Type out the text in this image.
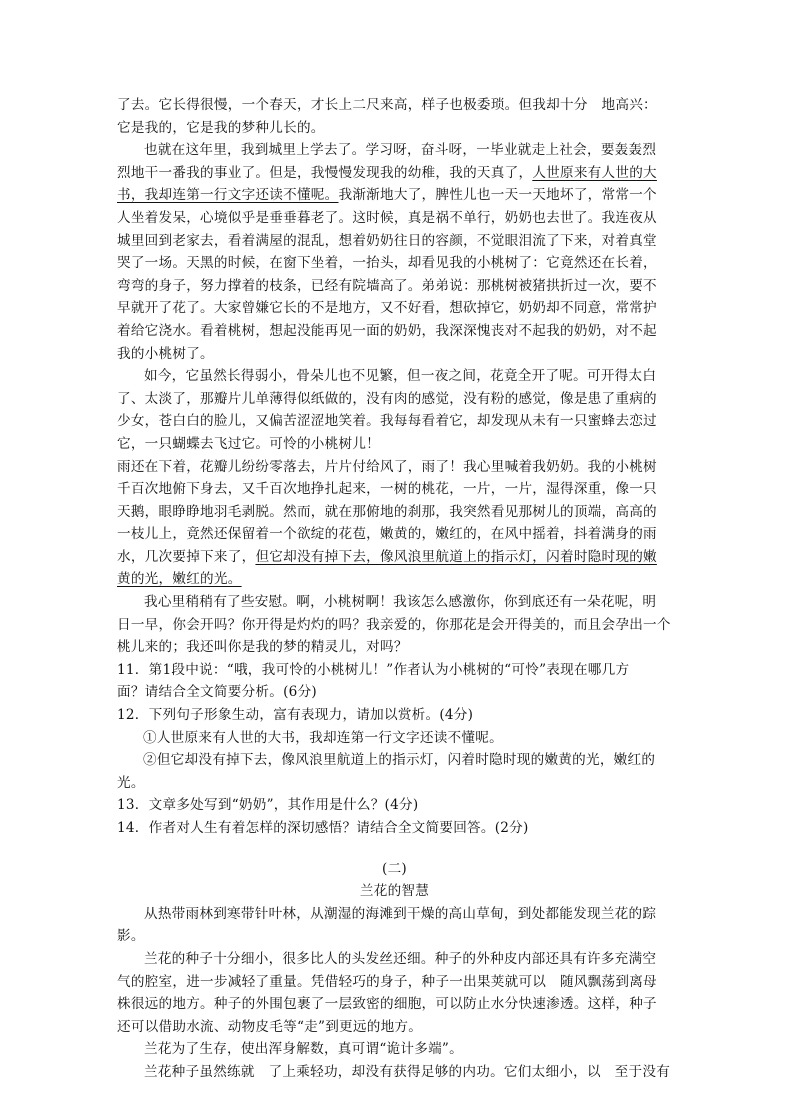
了去。它长得很慢，一个春天，才长上二尺来高，样子也极委琐。但我却十分　地高兴：
它是我的，它是我的梦种儿长的。
也就在这年里，我到城里上学去了。学习呀，奋斗呀，一毕业就走上社会，要轰轰烈
烈地干一番我的事业了。但是，我慢慢发现我的幼稚，我的天真了，人世原来有人世的大
书，我却连第一行文字还读不懂呢。我渐渐地大了，脾性儿也一天一天地坏了，常常一个
人坐着发呆，心境似乎是垂垂暮老了。这时候，真是祸不单行，奶奶也去世了。我连夜从
城里回到老家去，看着满屋的混乱，想着奶奶往日的容颜，不觉眼泪流了下来，对着真堂
哭了一场。天黑的时候，在窗下坐着，一抬头，却看见我的小桃树了：它竟然还在长着，
弯弯的身子，努力撑着的枝条，已经有院墙高了。弟弟说：那桃树被猪拱折过一次，要不
早就开了花了。大家曾嫌它长的不是地方，又不好看，想砍掉它，奶奶却不同意，常常护
着给它浇水。看着桃树，想起没能再见一面的奶奶，我深深愧丧对不起我的奶奶，对不起
我的小桃树了。
如今，它虽然长得弱小，骨朵儿也不见繁，但一夜之间，花竟全开了呢。可开得太白
了、太淡了，那瓣片儿单薄得似纸做的，没有肉的感觉，没有粉的感觉，像是患了重病的
少女，苍白白的脸儿，又偏苦涩涩地笑着。我每每看着它，却发现从未有一只蜜蜂去恋过
它，一只蝴蝶去飞过它。可怜的小桃树儿！
雨还在下着，花瓣儿纷纷零落去，片片付给风了，雨了！我心里喊着我奶奶。我的小桃树
千百次地俯下身去，又千百次地挣扎起来，一树的桃花，一片，一片，湿得深重，像一只
天鹅，眼睁睁地羽毛剥脱。然而，就在那俯地的刹那，我突然看见那树儿的顶端，高高的
一枝儿上，竟然还保留着一个欲绽的花苞，嫩黄的，嫩红的，在风中摇着，抖着满身的雨
水，几次要掉下来了，但它却没有掉下去，像风浪里航道上的指示灯，闪着时隐时现的嫩
黄的光，嫩红的光。
我心里稍稍有了些安慰。啊，小桃树啊！我该怎么感激你，你到底还有一朵花呢，明
日一早，你会开吗？你开得是灼灼的吗？我亲爱的，你那花是会开得美的，而且会孕出一个
桃儿来的；我还叫你是我的梦的精灵儿，对吗？
11．第1段中说：“哦，我可怜的小桃树儿！”作者认为小桃树的“可怜”表现在哪几方
面？请结合全文简要分析。(6分)
12．下列句子形象生动，富有表现力，请加以赏析。(4分)
①人世原来有人世的大书，我却连第一行文字还读不懂呢。
②但它却没有掉下去，像风浪里航道上的指示灯，闪着时隐时现的嫩黄的光，嫩红的
光。
13．文章多处写到“奶奶”，其作用是什么？(4分)
14．作者对人生有着怎样的深切感悟？请结合全文简要回答。(2分)
(二)
兰花的智慧
从热带雨林到寒带针叶林，从潮湿的海滩到干燥的高山草甸，到处都能发现兰花的踪
影。
兰花的种子十分细小，很多比人的头发丝还细。种子的外种皮内部还具有许多充满空
气的腔室，进一步减轻了重量。凭借轻巧的身子，种子一出果荚就可以　随风飘荡到离母
株很远的地方。种子的外围包裹了一层致密的细胞，可以防止水分快速渗透。这样，种子
还可以借助水流、动物皮毛等“走”到更远的地方。
兰花为了生存，使出浑身解数，真可谓“诡计多端”。
兰花种子虽然练就　了上乘轻功，却没有获得足够的内功。它们太细小，以　至于没有
